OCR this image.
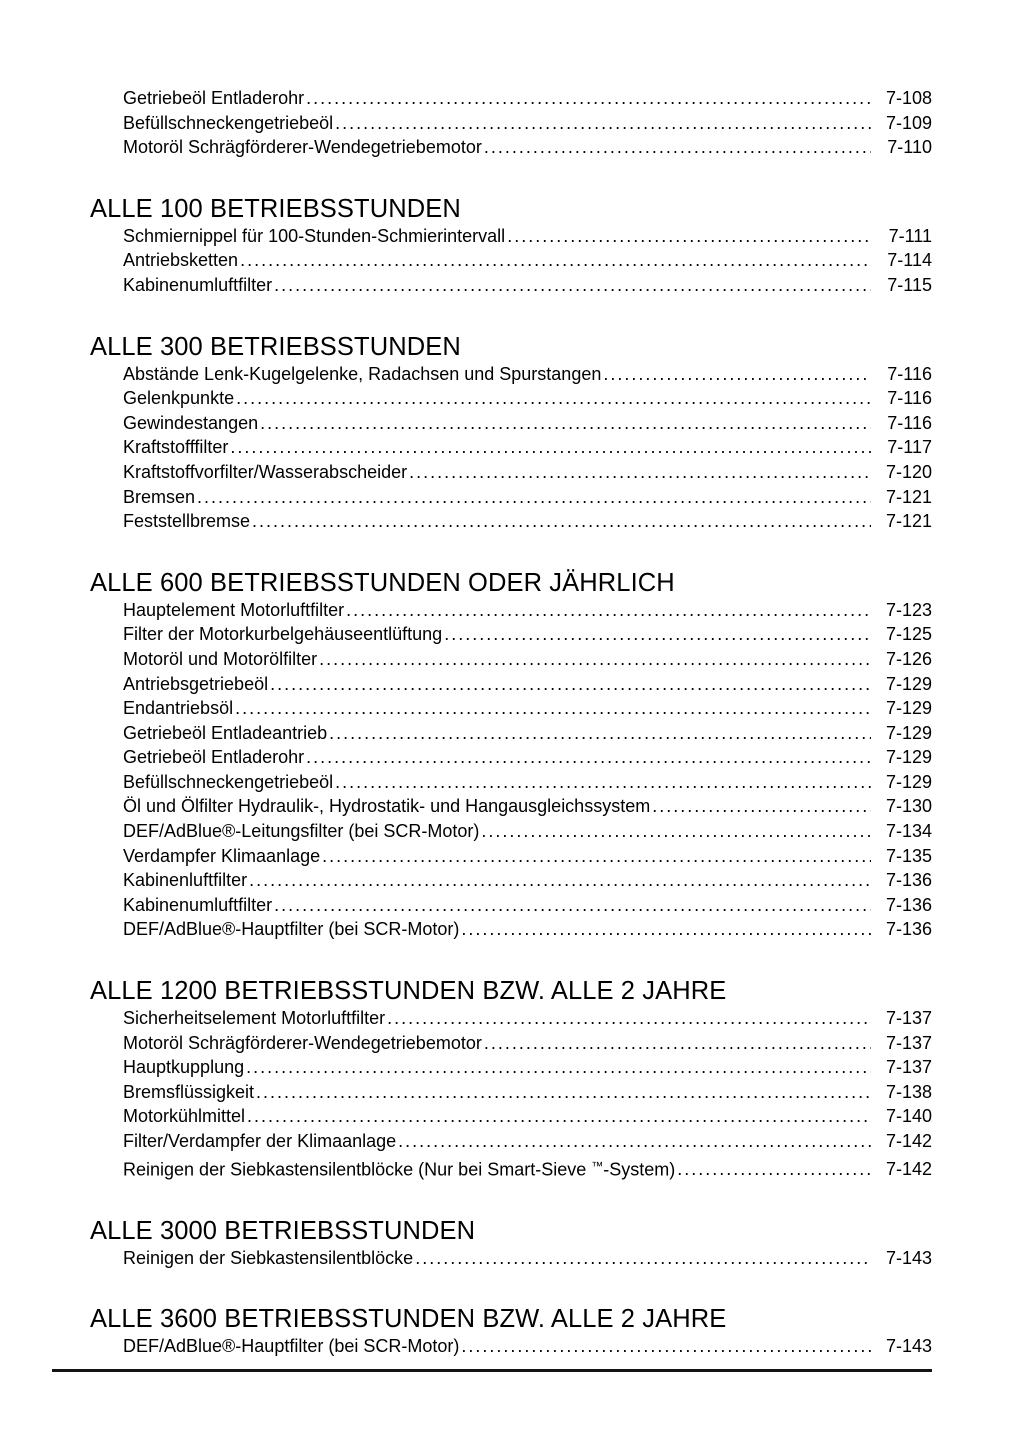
Getriebeöl Entladerohr .....	7-108
Befüllschneckengetriebeöl .....	7-109
Motoröl Schrägförderer-Wendegetriebemotor .....	7-110
ALLE 100 BETRIEBSSTUNDEN
Schmiernippel für 100-Stunden-Schmierintervall .....	7-111
Antriebsketten .....	7-114
Kabinenumluftfilter .....	7-115
ALLE 300 BETRIEBSSTUNDEN
Abstände Lenk-Kugelgelenke, Radachsen und Spurstangen .....	7-116
Gelenkpunkte .....	7-116
Gewindestangen .....	7-116
Kraftstofffilter .....	7-117
Kraftstoffvorfilter/Wasserabscheider .....	7-120
Bremsen .....	7-121
Feststellbremse .....	7-121
ALLE 600 BETRIEBSSTUNDEN ODER JÄHRLICH
Hauptelement Motorluftfilter .....	7-123
Filter der Motorkurbelgehäuseentlüftung .....	7-125
Motoröl und Motorölfilter .....	7-126
Antriebsgetriebeöl .....	7-129
Endantriebsöl .....	7-129
Getriebeöl Entladeantrieb .....	7-129
Getriebeöl Entladerohr .....	7-129
Befüllschneckengetriebeöl .....	7-129
Öl und Ölfilter Hydraulik-, Hydrostatik- und Hangausgleichssystem .....	7-130
DEF/AdBlue®-Leitungsfilter (bei SCR-Motor) .....	7-134
Verdampfer Klimaanlage .....	7-135
Kabinenluftfilter .....	7-136
Kabinenumluftfilter .....	7-136
DEF/AdBlue®-Hauptfilter (bei SCR-Motor) .....	7-136
ALLE 1200 BETRIEBSSTUNDEN BZW. ALLE 2 JAHRE
Sicherheitselement Motorluftfilter .....	7-137
Motoröl Schrägförderer-Wendegetriebemotor .....	7-137
Hauptkupplung .....	7-137
Bremsflüssigkeit .....	7-138
Motorkühlmittel .....	7-140
Filter/Verdampfer der Klimaanlage .....	7-142
Reinigen der Siebkastensilentblöcke (Nur bei Smart-Sieve ™-System) .....	7-142
ALLE 3000 BETRIEBSSTUNDEN
Reinigen der Siebkastensilentblöcke .....	7-143
ALLE 3600 BETRIEBSSTUNDEN BZW. ALLE 2 JAHRE
DEF/AdBlue®-Hauptfilter (bei SCR-Motor) .....	7-143
